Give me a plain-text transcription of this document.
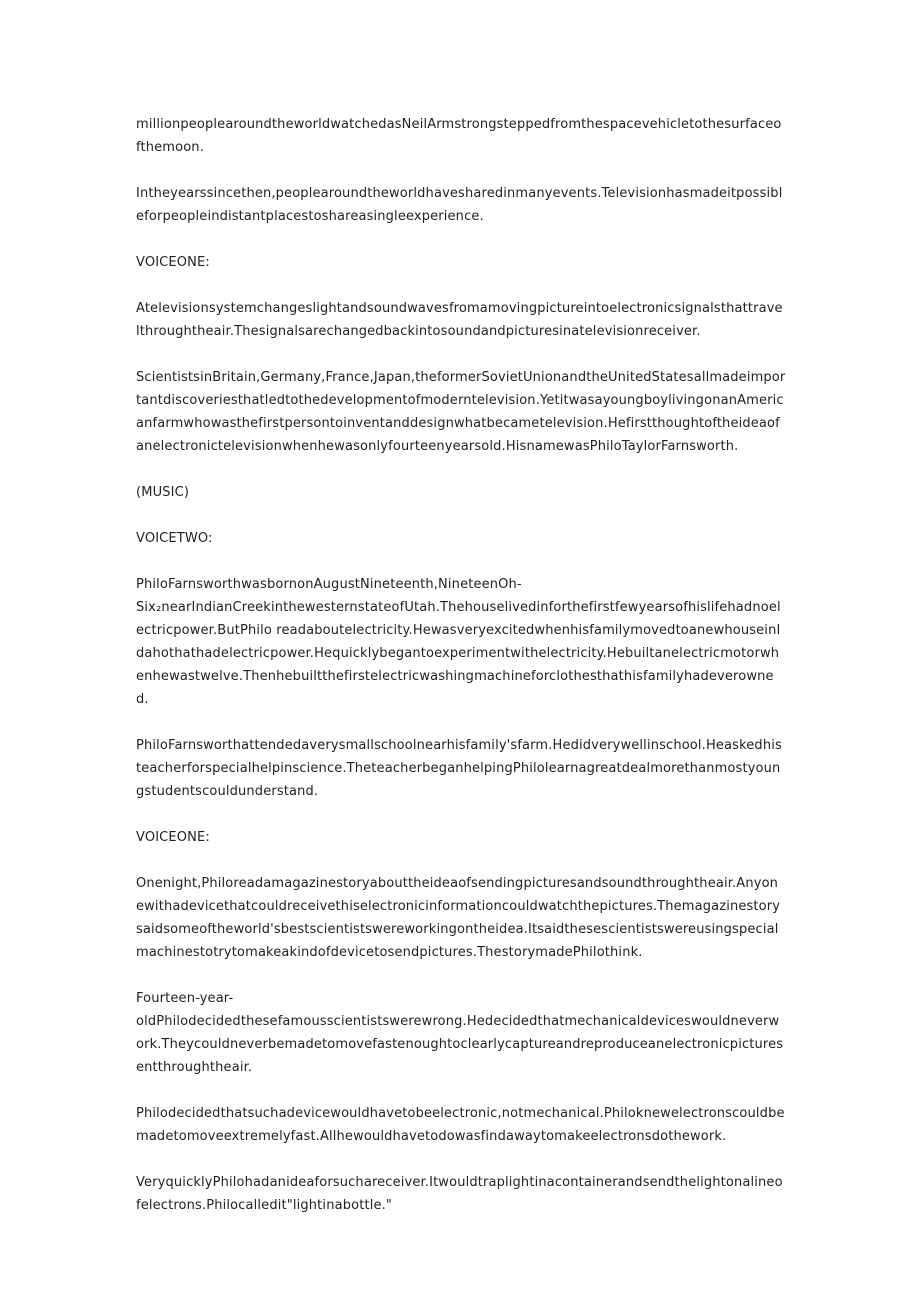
millionpeoplearoundtheworldwatchedasNeilArmstrongsteppedfromthespacevehicletothesurfaceofthemoon.

Intheyearssincethen,peoplearoundtheworldhavesharedinmanyevents.Televisionhasmadeitpossibleforpeopleindistantplacestoshareasingleexperience.

VOICEONE:

Atelevisionsystemchangeslightandsoundwavesfromamovingpictureintoelectronicsignalsthattravelthroughtheair.Thesignalsarechangedbackintosoundandpicturesinatelevisionreceiver.

ScientistsinBritain,Germany,France,Japan,theformerSovietUnionandtheUnitedStatesallmadeimportantdiscoveriesthatledtothedevelopmentofmoderntelevision.YetitwasayoungboylivingonanAmericanfarmwhowasthefirstpersontoinventanddesignwhatbecametelevision.Hefirstthoughtoftheideaofanelectronictelevisionwhenhewasonlyfourteenyearsold.HisnamewasPhiloTaylorFarnsworth.

(MUSIC)

VOICETWO:

PhiloFarnsworthwasbornonAugustNineteenth,NineteenOh-
Six₂nearIndianCreekinthewesternstateofUtah.Thehouselivedinforthefirstfewyearsofhislifehadnoelectricpower.ButPhilo readaboutelectricity.HewasveryexcitedwhenhisfamilymovedtoanewhouseinIdahothathadelectricpower.Hequicklybegantoexperimentwithelectricity.Hebuiltanelectricmotorwhenhewastwelve.Thenhebuiltthefirstelectricwashingmachineforclothesthathisfamilyhadeverowned.

PhiloFarnsworthattendedaverysmallschoolnearhisfamily'sfarm.Hedidverywellinschool.Heaskedhisteacherforspecialhelpinscience.TheteacherbeganhelpingPhilolearnagreatdealmorethanmostyoungstudentscouldunderstand.

VOICEONE:

Onenight,Philoreadamagazinestoryabouttheideaofsendingpicturesandsoundthroughtheair.Anyonewithadevicethatcouldreceivethiselectronicinformationcouldwatchthepictures.Themagazinestorysaidsomeoftheworld'sbestscientistswereworkingontheidea.Itsaidthesescientistswereusingspecialmachinestotrytomakeakindofdevicetosendpictures.ThestorymadePhilothink.

Fourteen-year-
oldPhilodecidedthesefamousscientistswerewrong.Hedecidedthatmechanicaldeviceswouldneverwork.Theycouldneverbemadetomovefastenoughtoclearlycaptureandreproduceanelectronicpicturesentthroughtheair.

Philodecidedthatsuchadevicewouldhavetobeelectronic,notmechanical.Philoknewelectronscouldbemadetomoveextremelyfast.Allhewouldhavetodowasfindawaytomakeelectronsdothework.

VeryquicklyPhilohadanideaforsuchareceiver.Itwouldtraplightinacontainerandsendthelightonalineofelectrons.Philocalledit"lightinabottle."
